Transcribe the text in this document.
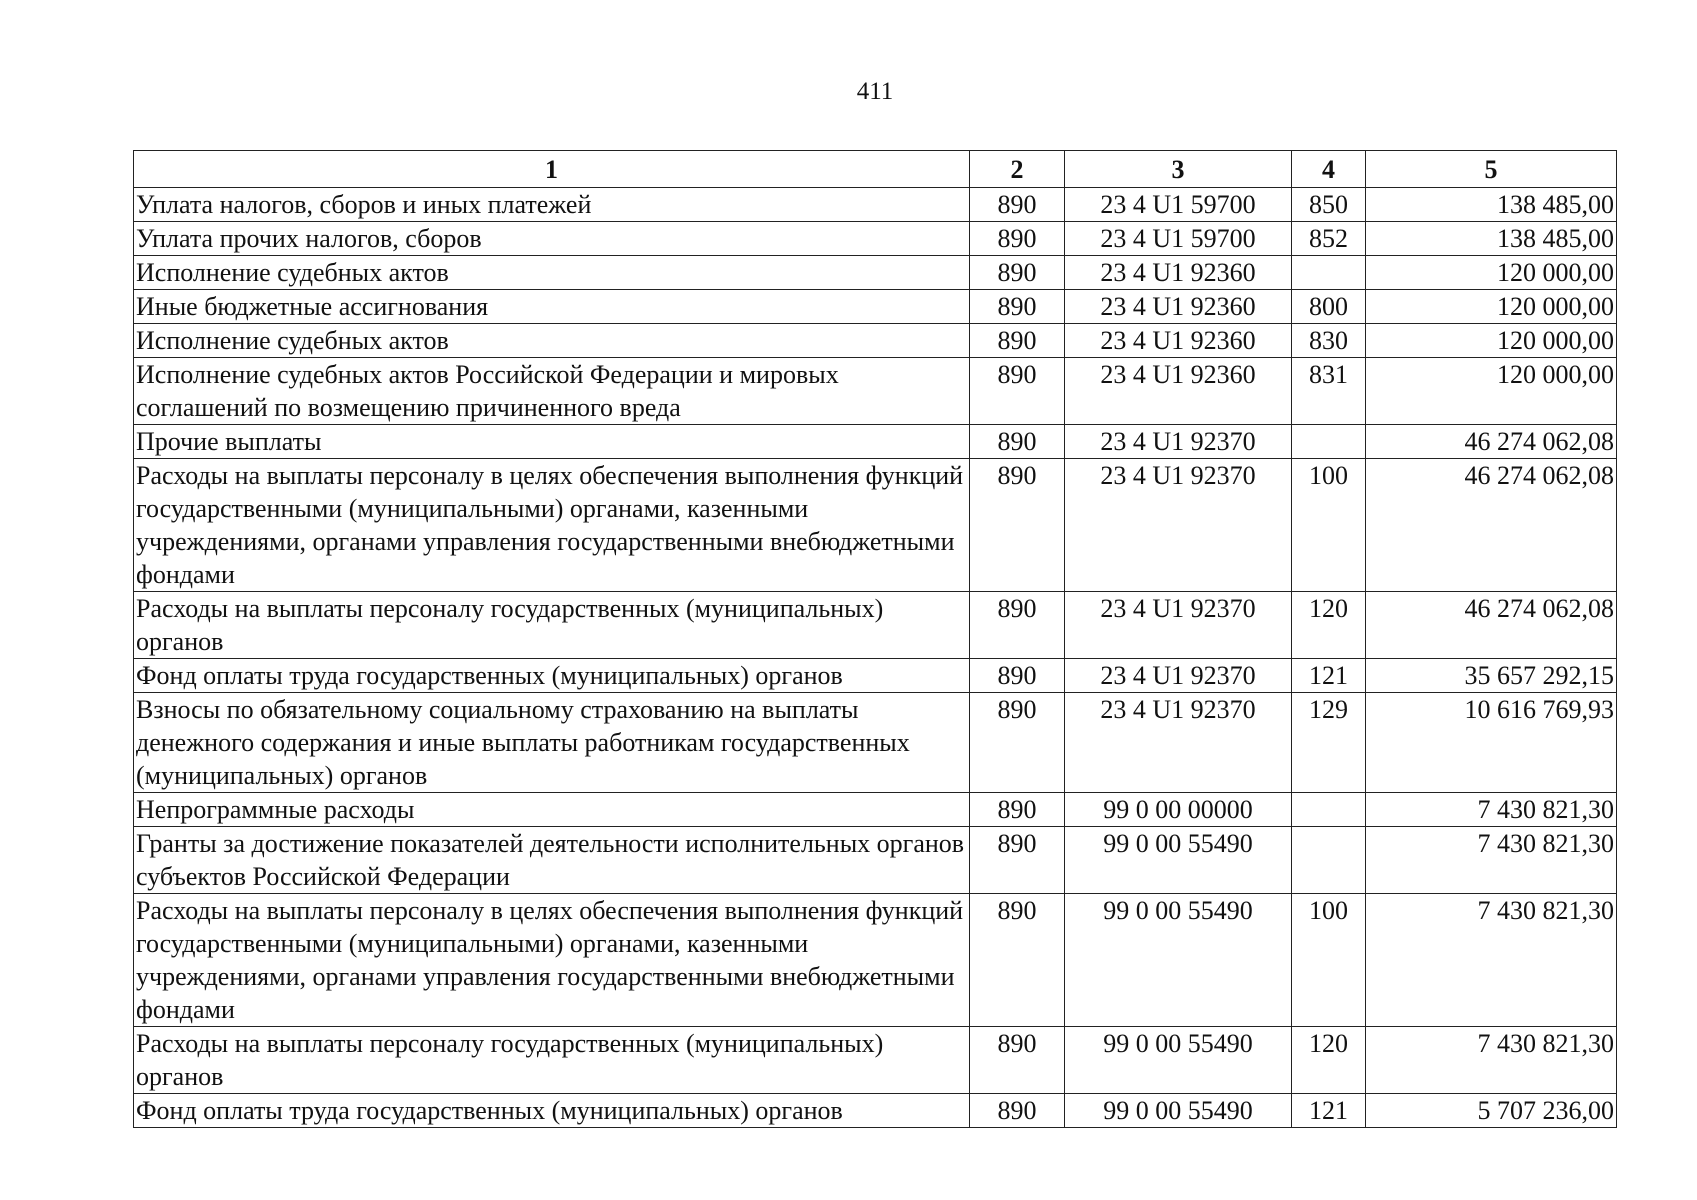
411
1	2	3	4	5
Уплата налогов, сборов и иных платежей	890	23 4 U1 59700	850	138 485,00
Уплата прочих налогов, сборов	890	23 4 U1 59700	852	138 485,00
Исполнение судебных актов	890	23 4 U1 92360		120 000,00
Иные бюджетные ассигнования	890	23 4 U1 92360	800	120 000,00
Исполнение судебных актов	890	23 4 U1 92360	830	120 000,00
Исполнение судебных актов Российской Федерации и мировых соглашений по возмещению причиненного вреда	890	23 4 U1 92360	831	120 000,00
Прочие выплаты	890	23 4 U1 92370		46 274 062,08
Расходы на выплаты персоналу в целях обеспечения выполнения функций государственными (муниципальными) органами, казенными учреждениями, органами управления государственными внебюджетными фондами	890	23 4 U1 92370	100	46 274 062,08
Расходы на выплаты персоналу государственных (муниципальных) органов	890	23 4 U1 92370	120	46 274 062,08
Фонд оплаты труда государственных (муниципальных) органов	890	23 4 U1 92370	121	35 657 292,15
Взносы по обязательному социальному страхованию на выплаты денежного содержания и иные выплаты работникам государственных (муниципальных) органов	890	23 4 U1 92370	129	10 616 769,93
Непрограммные расходы	890	99 0 00 00000		7 430 821,30
Гранты за достижение показателей деятельности исполнительных органов субъектов Российской Федерации	890	99 0 00 55490		7 430 821,30
Расходы на выплаты персоналу в целях обеспечения выполнения функций государственными (муниципальными) органами, казенными учреждениями, органами управления государственными внебюджетными фондами	890	99 0 00 55490	100	7 430 821,30
Расходы на выплаты персоналу государственных (муниципальных) органов	890	99 0 00 55490	120	7 430 821,30
Фонд оплаты труда государственных (муниципальных) органов	890	99 0 00 55490	121	5 707 236,00
